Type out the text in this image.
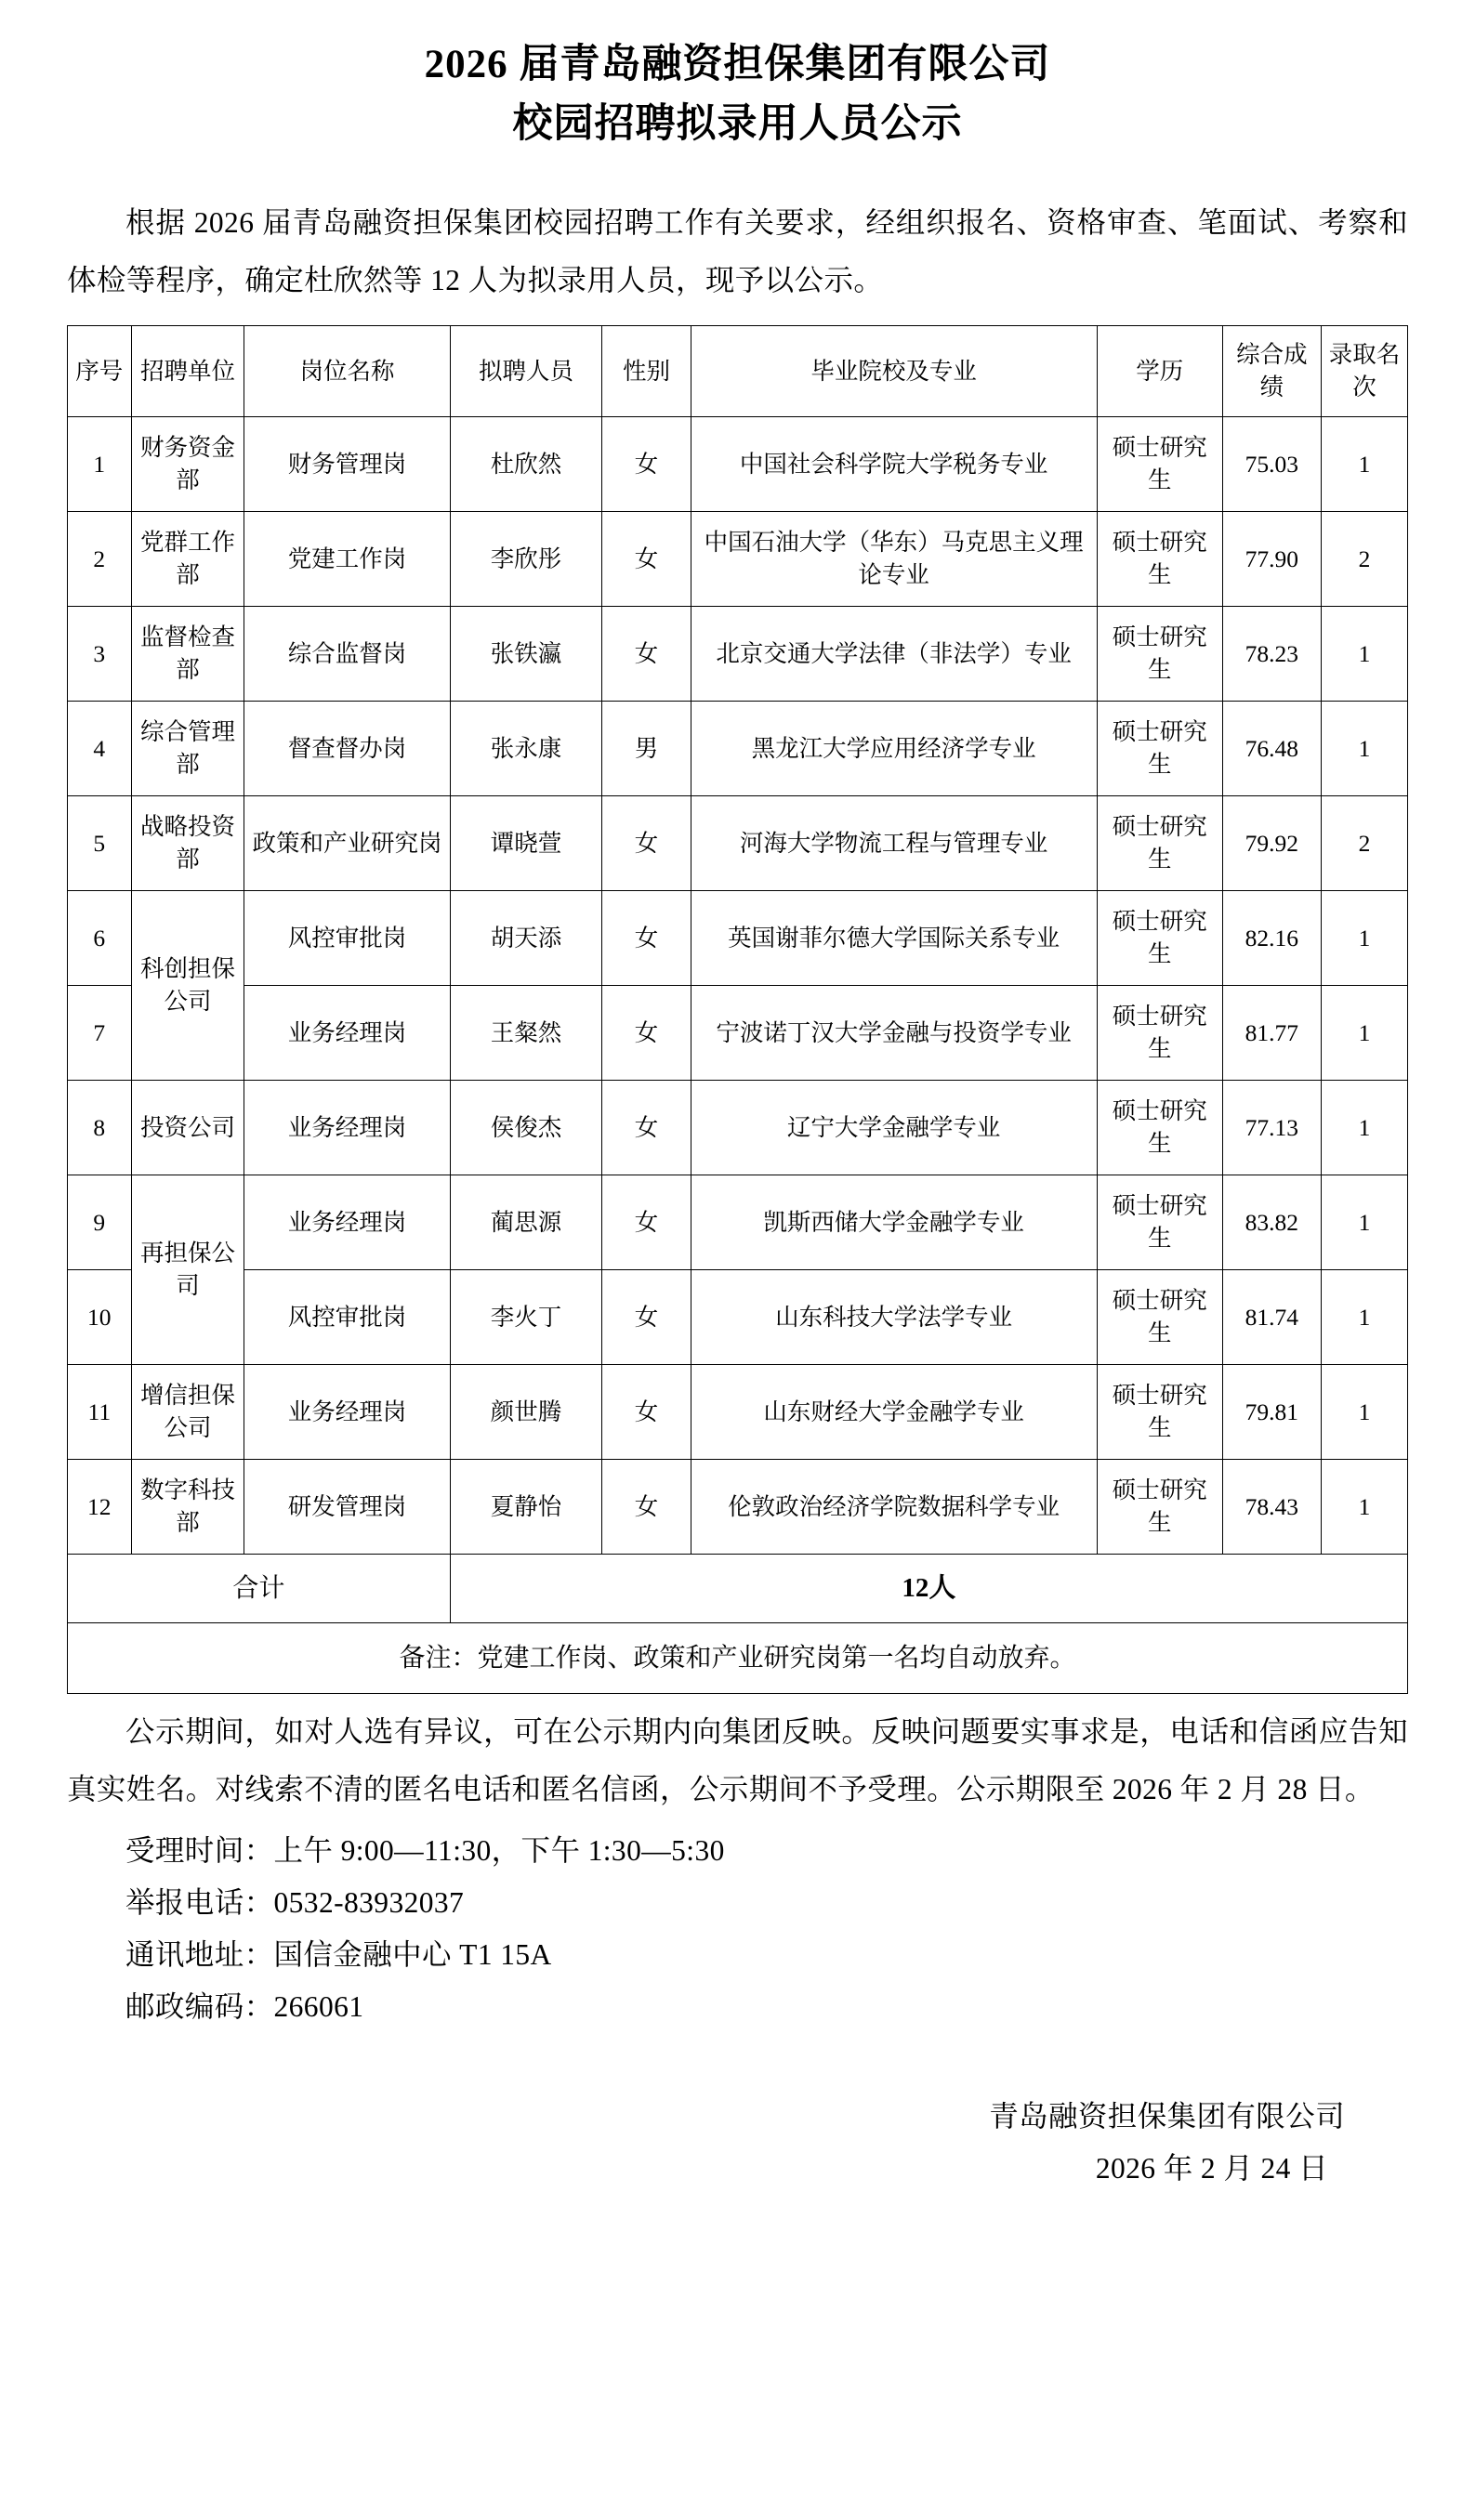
2026 届青岛融资担保集团有限公司
校园招聘拟录用人员公示

根据 2026 届青岛融资担保集团校园招聘工作有关要求，经组织报名、资格审查、笔面试、考察和体检等程序，确定杜欣然等 12 人为拟录用人员，现予以公示。

序号	招聘单位	岗位名称	拟聘人员	性别	毕业院校及专业	学历	综合成绩	录取名次
1	财务资金部	财务管理岗	杜欣然	女	中国社会科学院大学税务专业	硕士研究生	75.03	1
2	党群工作部	党建工作岗	李欣彤	女	中国石油大学（华东）马克思主义理论专业	硕士研究生	77.90	2
3	监督检查部	综合监督岗	张铁瀛	女	北京交通大学法律（非法学）专业	硕士研究生	78.23	1
4	综合管理部	督查督办岗	张永康	男	黑龙江大学应用经济学专业	硕士研究生	76.48	1
5	战略投资部	政策和产业研究岗	谭晓萱	女	河海大学物流工程与管理专业	硕士研究生	79.92	2
6	科创担保公司	风控审批岗	胡天添	女	英国谢菲尔德大学国际关系专业	硕士研究生	82.16	1
7		业务经理岗	王粲然	女	宁波诺丁汉大学金融与投资学专业	硕士研究生	81.77	1
8	投资公司	业务经理岗	侯俊杰	女	辽宁大学金融学专业	硕士研究生	77.13	1
9	再担保公司	业务经理岗	蔺思源	女	凯斯西储大学金融学专业	硕士研究生	83.82	1
10		风控审批岗	李火丁	女	山东科技大学法学专业	硕士研究生	81.74	1
11	增信担保公司	业务经理岗	颜世腾	女	山东财经大学金融学专业	硕士研究生	79.81	1
12	数字科技部	研发管理岗	夏静怡	女	伦敦政治经济学院数据科学专业	硕士研究生	78.43	1
合计			12人					
备注：党建工作岗、政策和产业研究岗第一名均自动放弃。								

公示期间，如对人选有异议，可在公示期内向集团反映。反映问题要实事求是，电话和信函应告知真实姓名。对线索不清的匿名电话和匿名信函，公示期间不予受理。公示期限至 2026 年 2 月 28 日。

受理时间：上午 9:00—11:30，下午 1:30—5:30

举报电话：0532-83932037

通讯地址：国信金融中心 T1 15A

邮政编码：266061

青岛融资担保集团有限公司
2026 年 2 月 24 日
